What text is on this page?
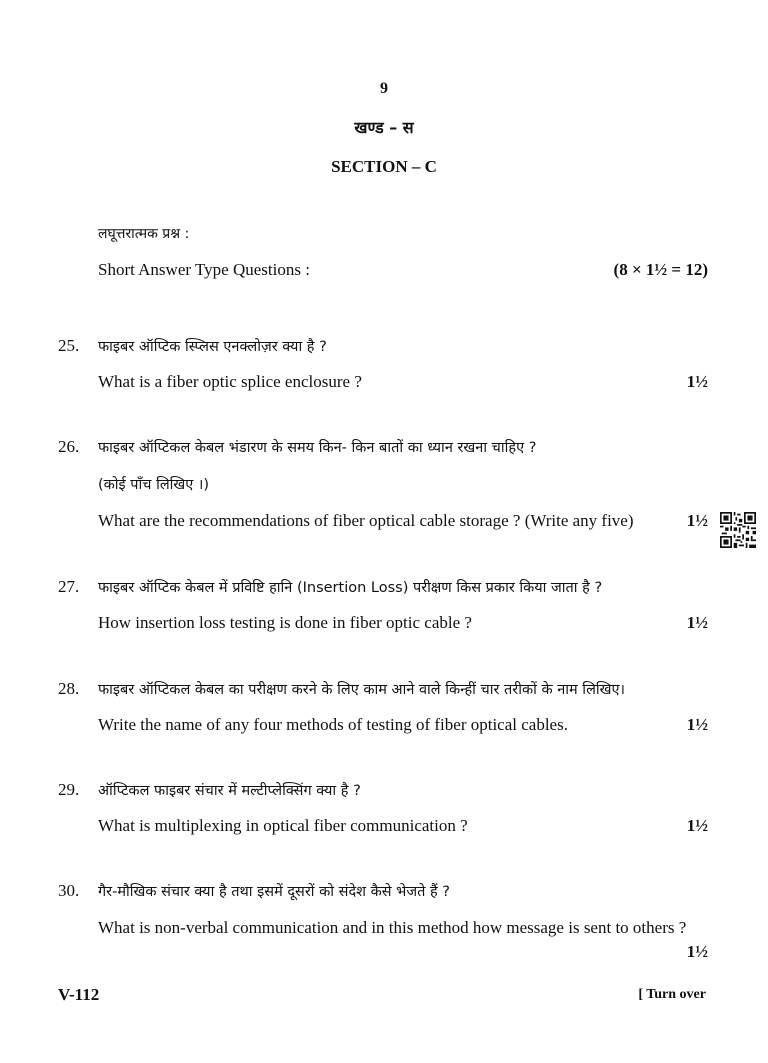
9
खण्ड – स
SECTION – C
लघूत्तरात्मक प्रश्न :
Short Answer Type Questions :	(8 × 1½ = 12)
25. फाइबर ऑप्टिक स्प्लिस एनक्लोज़र क्या है ?
What is a fiber optic splice enclosure ?	1½
26. फाइबर ऑप्टिकल केबल भंडारण के समय किन- किन बातों का ध्यान रखना चाहिए ?
(कोई पाँच लिखिए ।)
What are the recommendations of fiber optical cable storage ? (Write any five)	1½
27. फाइबर ऑप्टिक केबल में प्रविष्टि हानि (Insertion Loss) परीक्षण किस प्रकार किया जाता है ?
How insertion loss testing is done in fiber optic cable ?	1½
28. फाइबर ऑप्टिकल केबल का परीक्षण करने के लिए काम आने वाले किन्हीं चार तरीकों के नाम लिखिए।
Write the name of any four methods of testing of fiber optical cables.	1½
29. ऑप्टिकल फाइबर संचार में मल्टीप्लेक्सिंग क्या है ?
What is multiplexing in optical fiber communication ?	1½
30. गैर-मौखिक संचार क्या है तथा इसमें दूसरों को संदेश कैसे भेजते हैं ?
What is non-verbal communication and in this method how message is sent to others ?
1½
V-112	[ Turn over
